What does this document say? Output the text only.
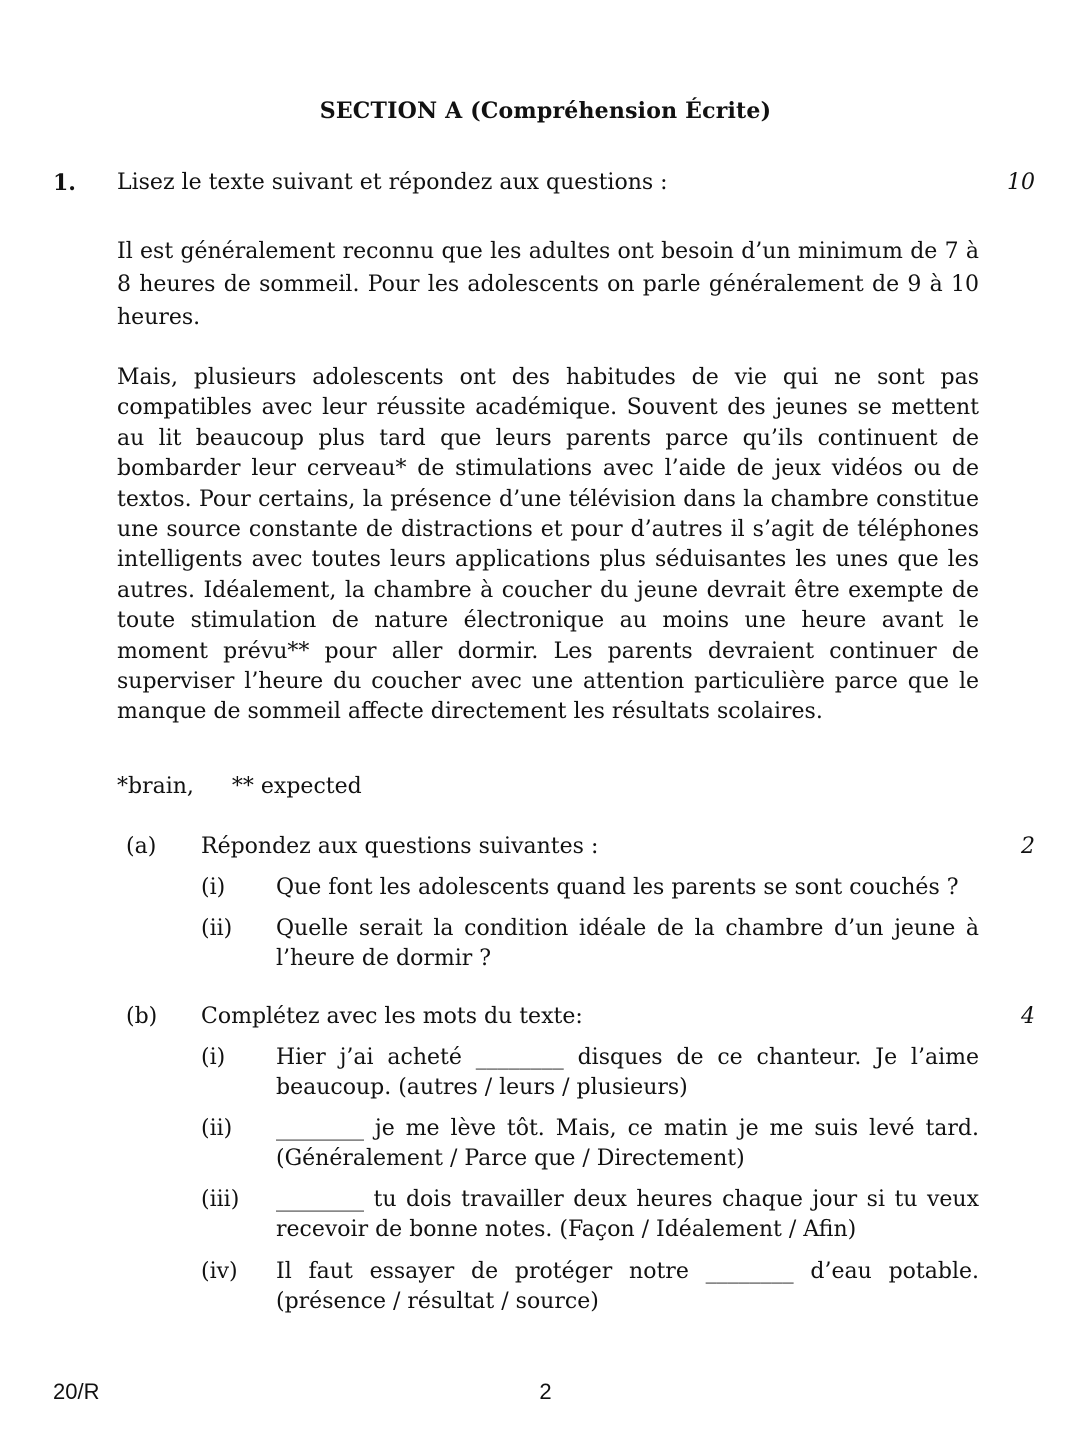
SECTION A (Compréhension Écrite)
1. Lisez le texte suivant et répondez aux questions :	10

Il est généralement reconnu que les adultes ont besoin d’un minimum de 7 à 8 heures de sommeil. Pour les adolescents on parle généralement de 9 à 10 heures.

Mais, plusieurs adolescents ont des habitudes de vie qui ne sont pas compatibles avec leur réussite académique. Souvent des jeunes se mettent au lit beaucoup plus tard que leurs parents parce qu’ils continuent de bombarder leur cerveau* de stimulations avec l’aide de jeux vidéos ou de textos. Pour certains, la présence d’une télévision dans la chambre constitue une source constante de distractions et pour d’autres il s’agit de téléphones intelligents avec toutes leurs applications plus séduisantes les unes que les autres. Idéalement, la chambre à coucher du jeune devrait être exempte de toute stimulation de nature électronique au moins une heure avant le moment prévu** pour aller dormir. Les parents devraient continuer de superviser l’heure du coucher avec une attention particulière parce que le manque de sommeil affecte directement les résultats scolaires.

*brain, ** expected
(a) Répondez aux questions suivantes :	2
(i) Que font les adolescents quand les parents se sont couchés ?

(ii) Quelle serait la condition idéale de la chambre d’un jeune à l’heure de dormir ?

(b) Complétez avec les mots du texte:	4
(i) Hier j’ai acheté ________ disques de ce chanteur. Je l’aime beaucoup. (autres / leurs / plusieurs)

(ii) ________ je me lève tôt. Mais, ce matin je me suis levé tard. (Généralement / Parce que / Directement)

(iii) ________ tu dois travailler deux heures chaque jour si tu veux recevoir de bonne notes. (Façon / Idéalement / Afin)

(iv) Il faut essayer de protéger notre ________ d’eau potable. (présence / résultat / source)

20/R	2
